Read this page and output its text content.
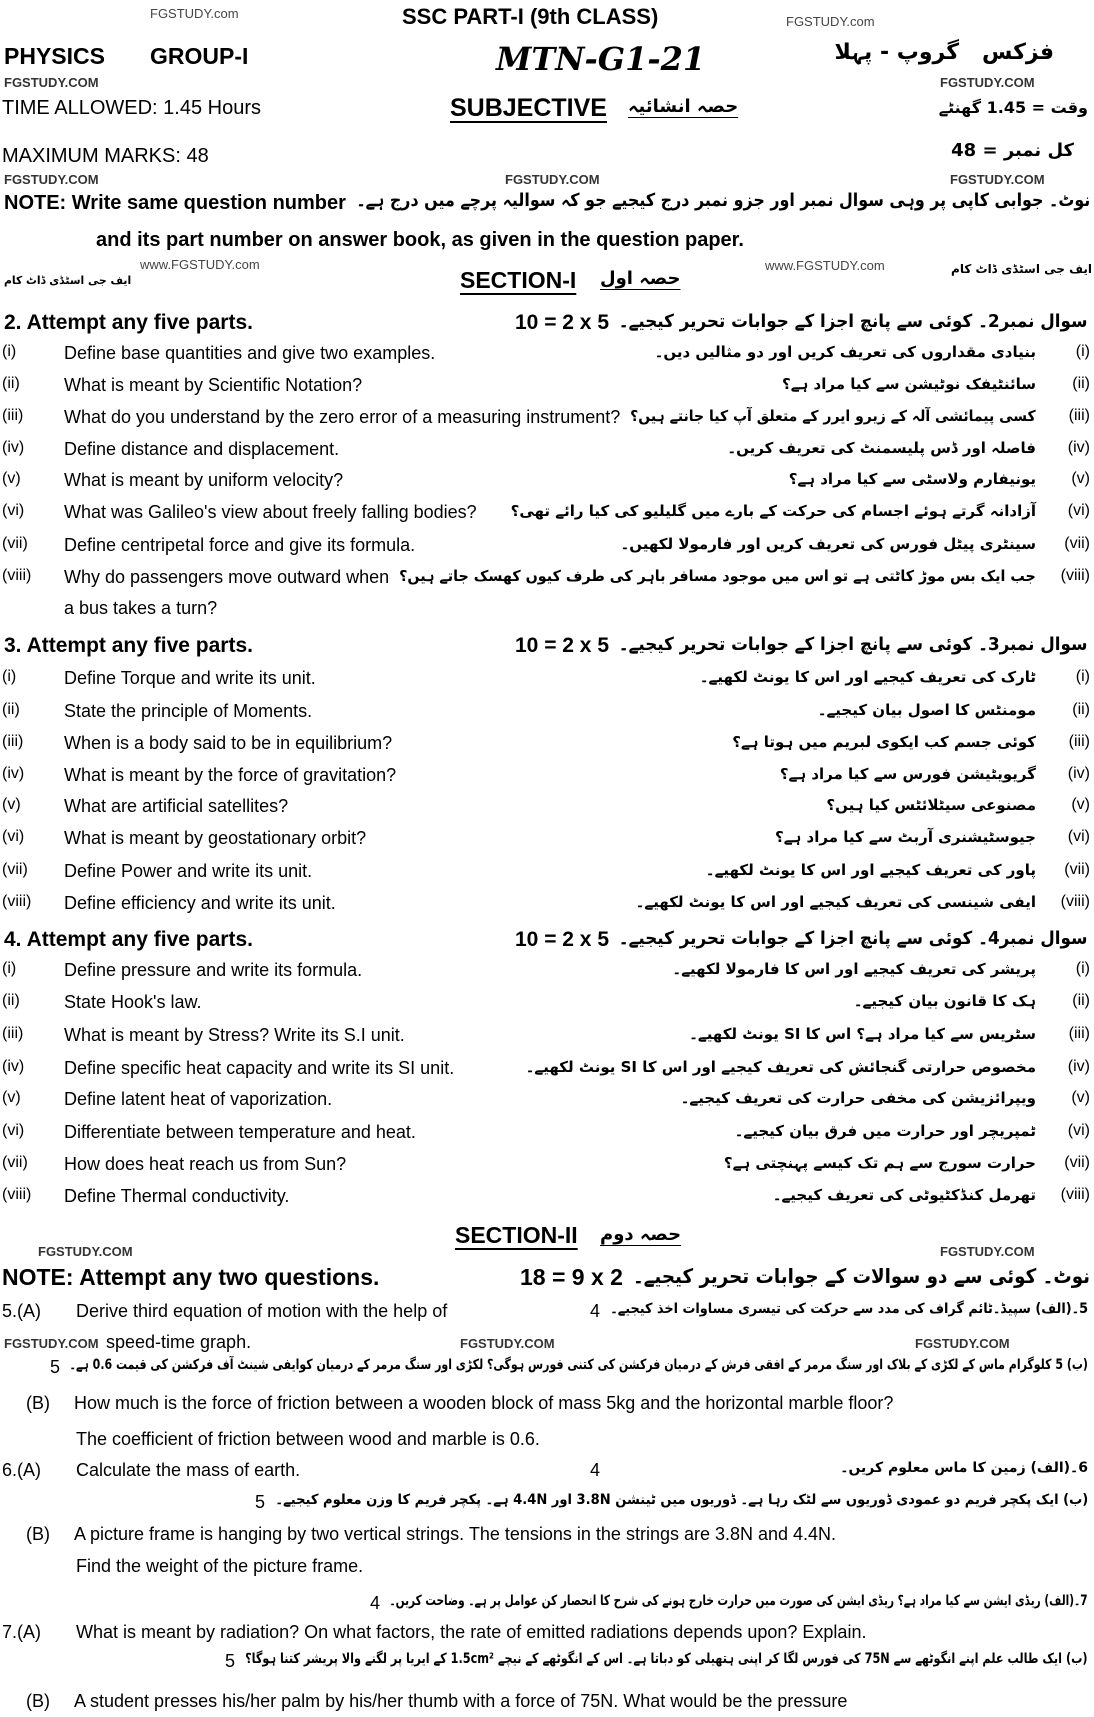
FGSTUDY.com	SSC PART-I (9th CLASS)	FGSTUDY.com
PHYSICS GROUP-I	MTN-G1-21	فزکس   گروپ - پہلا
FGSTUDY.COM	FGSTUDY.COM
TIME ALLOWED: 1.45 Hours	SUBJECTIVE حصہ انشائیہ	وقت = 1.45 گھنٹے
MAXIMUM MARKS: 48	کل نمبر = 48
FGSTUDY.COM	FGSTUDY.COM	FGSTUDY.COM
NOTE: Write same question number نوٹ۔ جوابی کاپی پر وہی سوال نمبر اور جزو نمبر درج کیجیے جو کہ سوالیہ پرچے میں درج ہے۔
and its part number on answer book, as given in the question paper.
www.FGSTUDY.com
ایف جی اسٹڈی ڈاٹ کام
www.FGSTUDY.com	ایف جی اسٹڈی ڈاٹ کام
SECTION-I حصہ اول
2. Attempt any five parts.	10 = 2 x 5 سوال نمبر2۔ کوئی سے پانچ اجزا کے جوابات تحریر کیجیے۔
(i)	Define base quantities and give two examples.	بنیادی مقداروں کی تعریف کریں اور دو مثالیں دیں۔ (i)
(ii) What is meant by Scientific Notation?	سائنٹیفک نوٹیشن سے کیا مراد ہے؟ (ii)
(iii) What do you understand by the zero error of a measuring instrument? کسی پیمائشی آلہ کے زیرو ایرر کے متعلق آپ کیا جانتے ہیں؟ (iii)
(iv) Define distance and displacement.	فاصلہ اور ڈس پلیسمنٹ کی تعریف کریں۔ (iv)
(v) What is meant by uniform velocity?	یونیفارم ولاسٹی سے کیا مراد ہے؟ (v)
(vi) What was Galileo's view about freely falling bodies? آزادانہ گرتے ہوئے اجسام کی حرکت کے بارے میں گلیلیو کی کیا رائے تھی؟ (vi)
(vii) Define centripetal force and give its formula.	سینٹری پیٹل فورس کی تعریف کریں اور فارمولا لکھیں۔ (vii)
(viii) Why do passengers move outward when
a bus takes a turn?
جب ایک بس موڑ کاٹتی ہے تو اس میں موجود مسافر باہر کی طرف کیوں کھسک جاتے ہیں؟ (viii)
3. Attempt any five parts.	10 = 2 x 5 سوال نمبر3۔ کوئی سے پانچ اجزا کے جوابات تحریر کیجیے۔
(i)	Define Torque and write its unit.	ٹارک کی تعریف کیجیے اور اس کا یونٹ لکھیے۔ (i)
(ii) State the principle of Moments.	مومنٹس کا اصول بیان کیجیے۔ (ii)
(iii) When is a body said to be in equilibrium?	کوئی جسم کب ایکوی لبریم میں ہوتا ہے؟ (iii)
(iv) What is meant by the force of gravitation?	گریویٹیشن فورس سے کیا مراد ہے؟ (iv)
(v) What are artificial satellites?	مصنوعی سیٹلائٹس کیا ہیں؟ (v)
(vi) What is meant by geostationary orbit?	جیوسٹیشنری آربٹ سے کیا مراد ہے؟ (vi)
(vii) Define Power and write its unit.	پاور کی تعریف کیجیے اور اس کا یونٹ لکھیے۔ (vii)
(viii) Define efficiency and write its unit.	ایفی شینسی کی تعریف کیجیے اور اس کا یونٹ لکھیے۔ (viii)
4. Attempt any five parts.	10 = 2 x 5 سوال نمبر4۔ کوئی سے پانچ اجزا کے جوابات تحریر کیجیے۔
(i)	Define pressure and write its formula.	پریشر کی تعریف کیجیے اور اس کا فارمولا لکھیے۔ (i)
(ii) State Hook's law.	ہک کا قانون بیان کیجیے۔ (ii)
(iii) What is meant by Stress? Write its S.I unit.	سٹریس سے کیا مراد ہے؟ اس کا SI یونٹ لکھیے۔ (iii)
(iv) Define specific heat capacity and write its SI unit.	مخصوص حرارتی گنجائش کی تعریف کیجیے اور اس کا SI یونٹ لکھیے۔ (iv)
(v) Define latent heat of vaporization.	ویپرائزیشن کی مخفی حرارت کی تعریف کیجیے۔ (v)
(vi) Differentiate between temperature and heat.	ٹمپریچر اور حرارت میں فرق بیان کیجیے۔ (vi)
(vii) How does heat reach us from Sun?	حرارت سورج سے ہم تک کیسے پہنچتی ہے؟ (vii)
(viii) Define Thermal conductivity.	تھرمل کنڈکٹیوٹی کی تعریف کیجیے۔ (viii)
SECTION-II حصہ دوم
FGSTUDY.COM	FGSTUDY.COM
NOTE: Attempt any two questions.	18 = 9 x 2 نوٹ۔ کوئی سے دو سوالات کے جوابات تحریر کیجیے۔
FGSTUDY.COM	FGSTUDY.COM	FGSTUDY.COM
5.(A) Derive third equation of motion with the help of	5۔(الف) سپیڈ۔ٹائم گراف کی مدد سے حرکت کی تیسری مساوات اخذ کیجیے۔
4
speed-time graph.
(ب) 5 کلوگرام ماس کے لکڑی کے بلاک اور سنگ مرمر کے افقی فرش کے درمیان فرکشن کی کتنی فورس ہوگی؟ لکڑی اور سنگ مرمر کے درمیان کوایفی شینٹ آف فرکشن کی قیمت 0.6 ہے۔
5
(B) How much is the force of friction between a wooden block of mass 5kg and the horizontal marble floor?
The coefficient of friction between wood and marble is 0.6.
6.(A) Calculate the mass of earth.	6۔(الف) زمین کا ماس معلوم کریں۔
4
(ب) ایک پکچر فریم دو عمودی ڈوریوں سے لٹک رہا ہے۔ ڈوریوں میں ٹینشن 3.8N اور 4.4N ہے۔ پکچر فریم کا وزن معلوم کیجیے۔
5
(B) A picture frame is hanging by two vertical strings. The tensions in the strings are 3.8N and 4.4N.
Find the weight of the picture frame.
7۔(الف) ریڈی ایشن سے کیا مراد ہے؟ ریڈی ایشن کی صورت میں حرارت خارج ہونے کی شرح کا انحصار کن عوامل پر ہے۔ وضاحت کریں۔
4
7.(A) What is meant by radiation? On what factors, the rate of emitted radiations depends upon? Explain.
(ب) ایک طالب علم اپنے انگوٹھے سے 75N کی فورس لگا کر اپنی ہتھیلی کو دباتا ہے۔ اس کے انگوٹھے کے نیچے 1.5cm² کے ایریا پر لگنے والا پریشر کتنا ہوگا؟
5
(B) A student presses his/her palm by his/her thumb with a force of 75N. What would be the pressure
